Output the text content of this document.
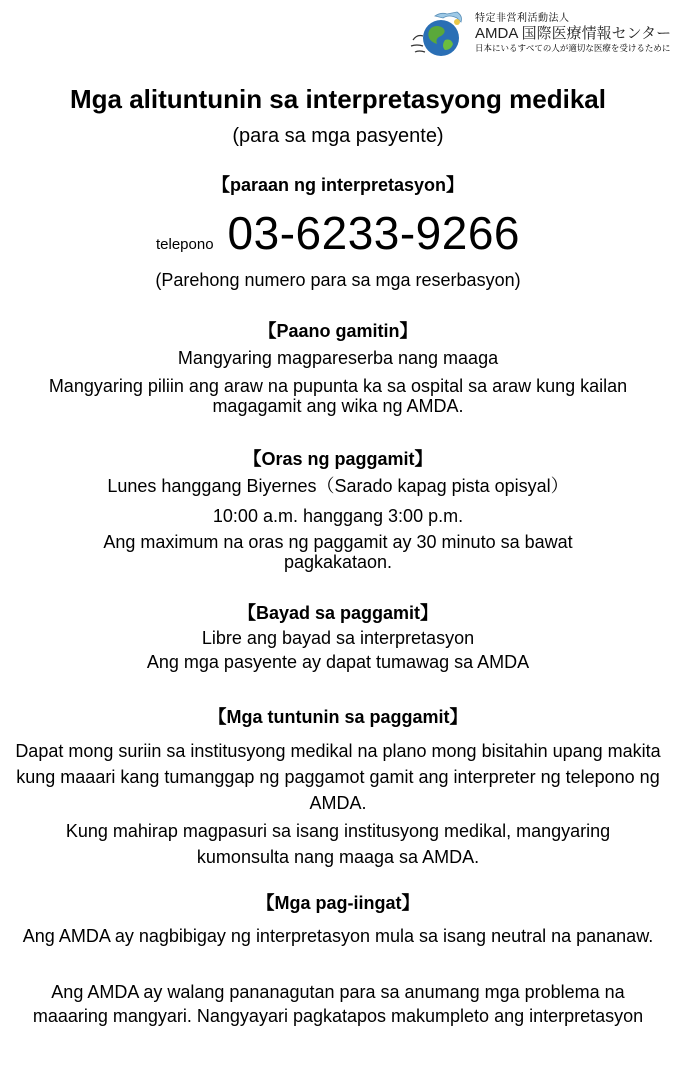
特定非営利活動法人
AMDA 国際医療情報センター
日本にいるすべての人が適切な医療を受けるために
Mga alituntunin sa interpretasyong medikal
(para sa mga pasyente)
【paraan ng interpretasyon】
telepono 03-6233-9266
(Parehong numero para sa mga reserbasyon)
【Paano gamitin】
Mangyaring magpareserba nang maaga
Mangyaring piliin ang araw na pupunta ka sa ospital sa araw kung kailan magagamit ang wika ng AMDA.
【Oras ng paggamit】
Lunes hanggang Biyernes（Sarado kapag pista opisyal）
10:00 a.m. hanggang 3:00 p.m.
Ang maximum na oras ng paggamit ay 30 minuto sa bawat pagkakataon.
【Bayad sa paggamit】
Libre ang bayad sa interpretasyon
Ang mga pasyente ay dapat tumawag sa AMDA
【Mga tuntunin sa paggamit】
Dapat mong suriin sa institusyong medikal na plano mong bisitahin upang makita kung maaari kang tumanggap ng paggamot gamit ang interpreter ng telepono ng AMDA.
Kung mahirap magpasuri sa isang institusyong medikal, mangyaring kumonsulta nang maaga sa AMDA.
【Mga pag-iingat】
Ang AMDA ay nagbibigay ng interpretasyon mula sa isang neutral na pananaw.
Ang AMDA ay walang pananagutan para sa anumang mga problema na maaaring mangyari. Nangyayari pagkatapos makumpleto ang interpretasyon
